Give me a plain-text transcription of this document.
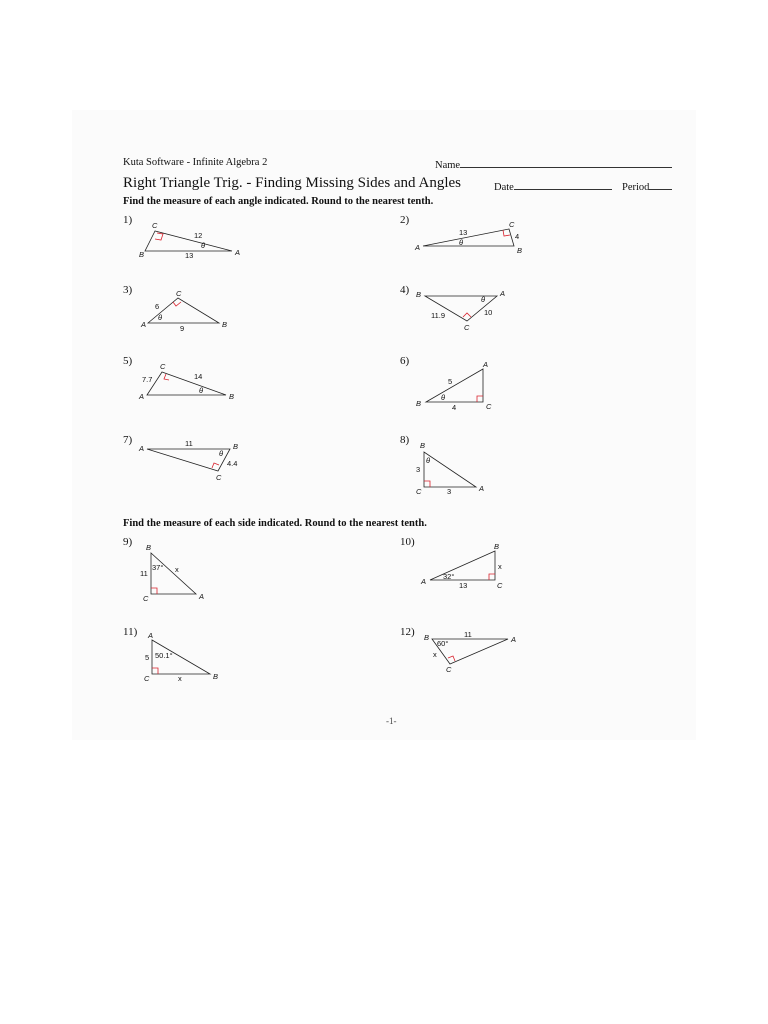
Kuta Software - Infinite Algebra 2	Name
Right Triangle Trig. - Finding Missing Sides and Angles	Date	Period
Find the measure of each angle indicated. Round to the nearest tenth.
1)	2)
3)	4)
5)	6)
7)	8)
Find the measure of each side indicated. Round to the nearest tenth.
9)	10)
11)	12)
C
B	A
12
13
θ
C
A	B
13	4
θ
C
A	B
6
9
θ
B	A
C
11.9	10
θ
C
A	B
7.7	14
θ
A
B	C
5
4
θ
A	B
C
11
4.4
θ
B
C	A
3
3
θ
B
C	A
11	x
37°
B
A	C
x
13
32°
A
C	B
5
x
50.1°
B	A
C
11
x
60°
-1-
